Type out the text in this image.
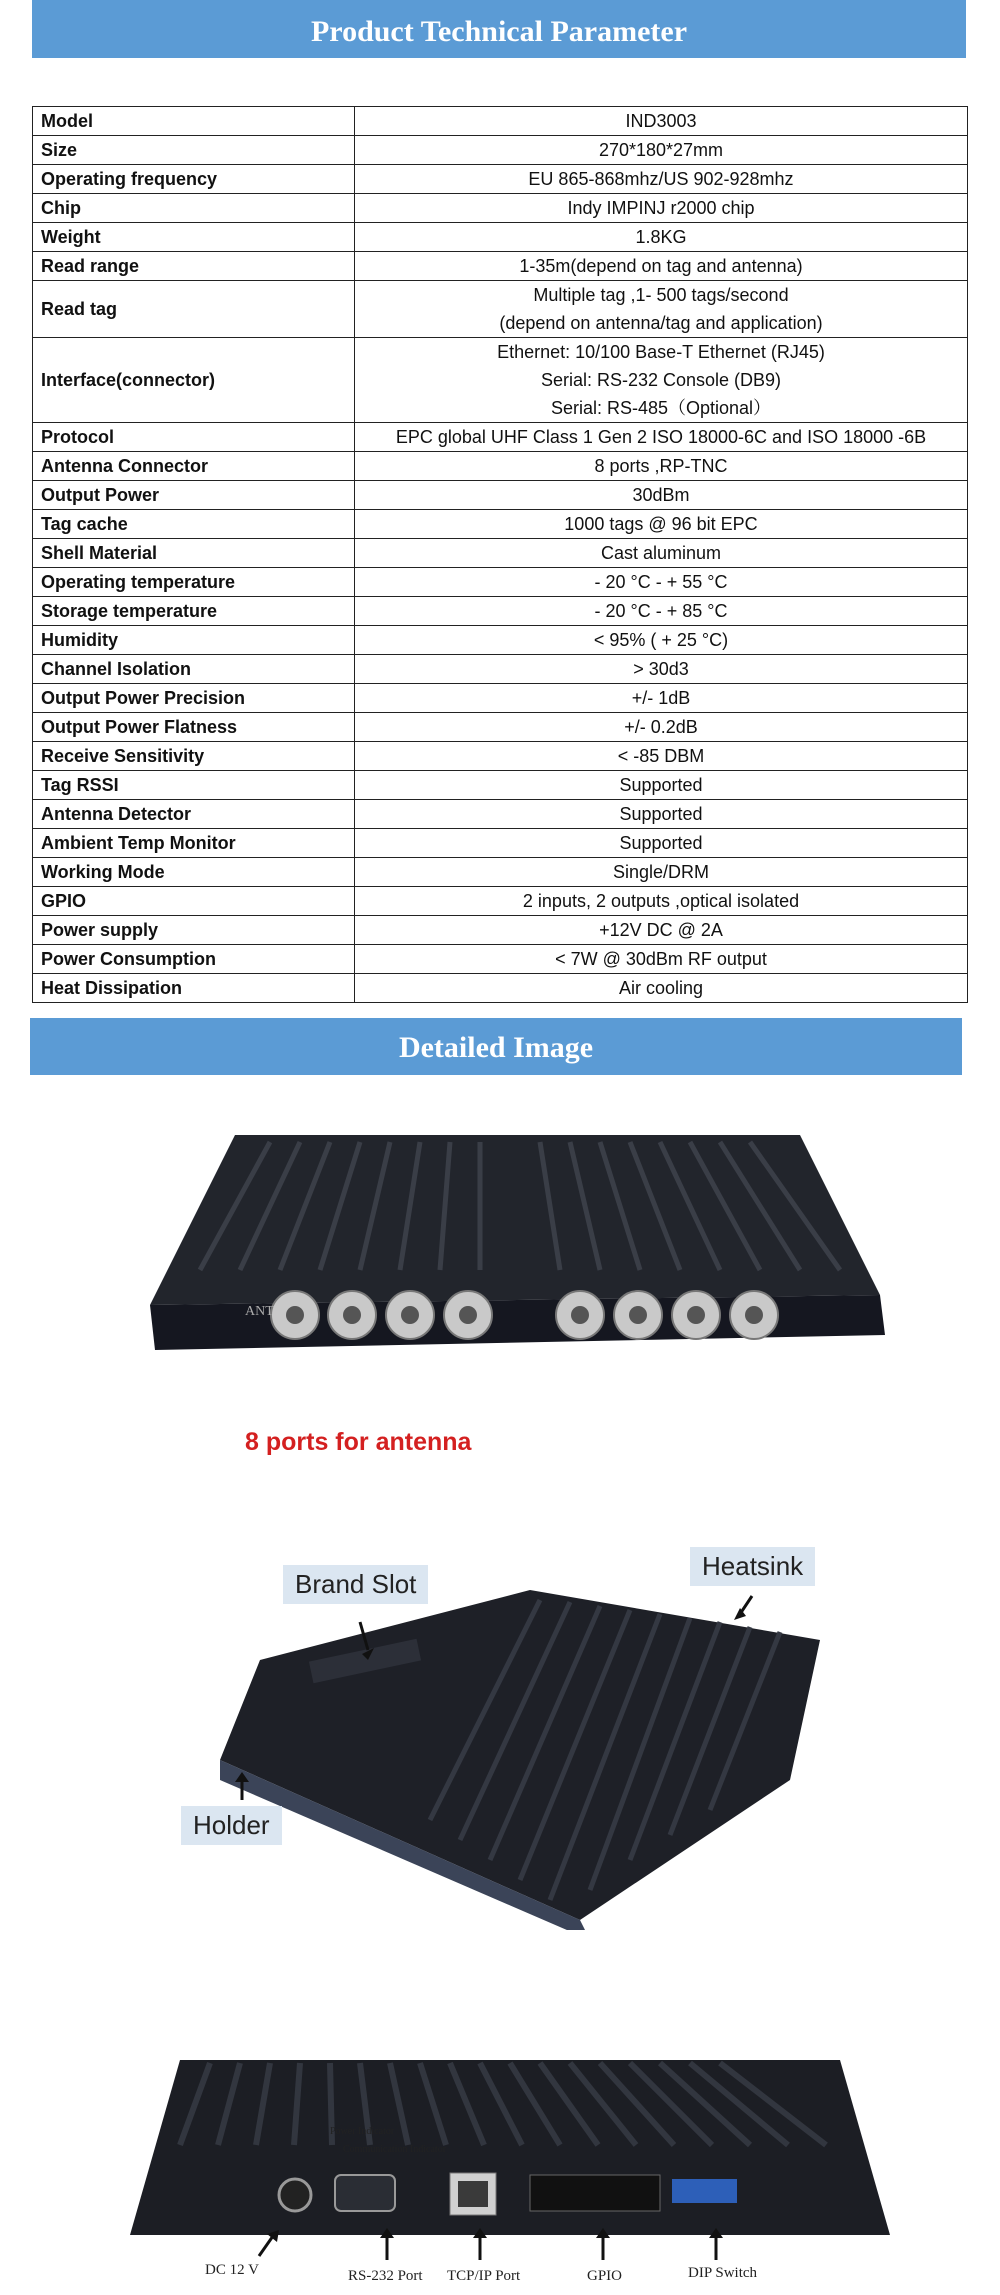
Product Technical Parameter
Model	IND3003

Size	270*180*27mm

Operating frequency	EU 865-868mhz/US 902-928mhz

Chip	Indy IMPINJ r2000 chip

Weight	1.8KG

Read range	1-35m(depend on tag and antenna)

Read tag	Multiple tag ,1- 500 tags/second
(depend on antenna/tag and application)

Interface(connector)	Ethernet: 10/100 Base-T Ethernet (RJ45)
Serial: RS-232 Console (DB9)
Serial: RS-485（Optional）

Protocol	EPC global UHF Class 1 Gen 2 ISO 18000-6C and ISO 18000 -6B

Antenna Connector	8 ports ,RP-TNC

Output Power	30dBm

Tag cache	1000 tags @ 96 bit EPC

Shell Material	Cast aluminum

Operating temperature	- 20 °C - + 55 °C

Storage temperature	- 20 °C - + 85 °C

Humidity	< 95% ( + 25 °C)

Channel Isolation	> 30d3

Output Power Precision	+/- 1dB

Output Power Flatness	+/- 0.2dB

Receive Sensitivity	< -85 DBM

Tag RSSI	Supported

Antenna Detector	Supported

Ambient Temp Monitor	Supported

Working Mode	Single/DRM

GPIO	2 inputs, 2 outputs ,optical isolated

Power supply	+12V DC @ 2A

Power Consumption	< 7W @ 30dBm RF output

Heat Dissipation	Air cooling
Detailed Image
ANT
8 ports for antenna
Brand Slot
Heatsink
Holder
Power Indicator
Communication Indicator
DC 12 V	RS-232 Port TCP/IP Port	GPIO	DIP Switch
